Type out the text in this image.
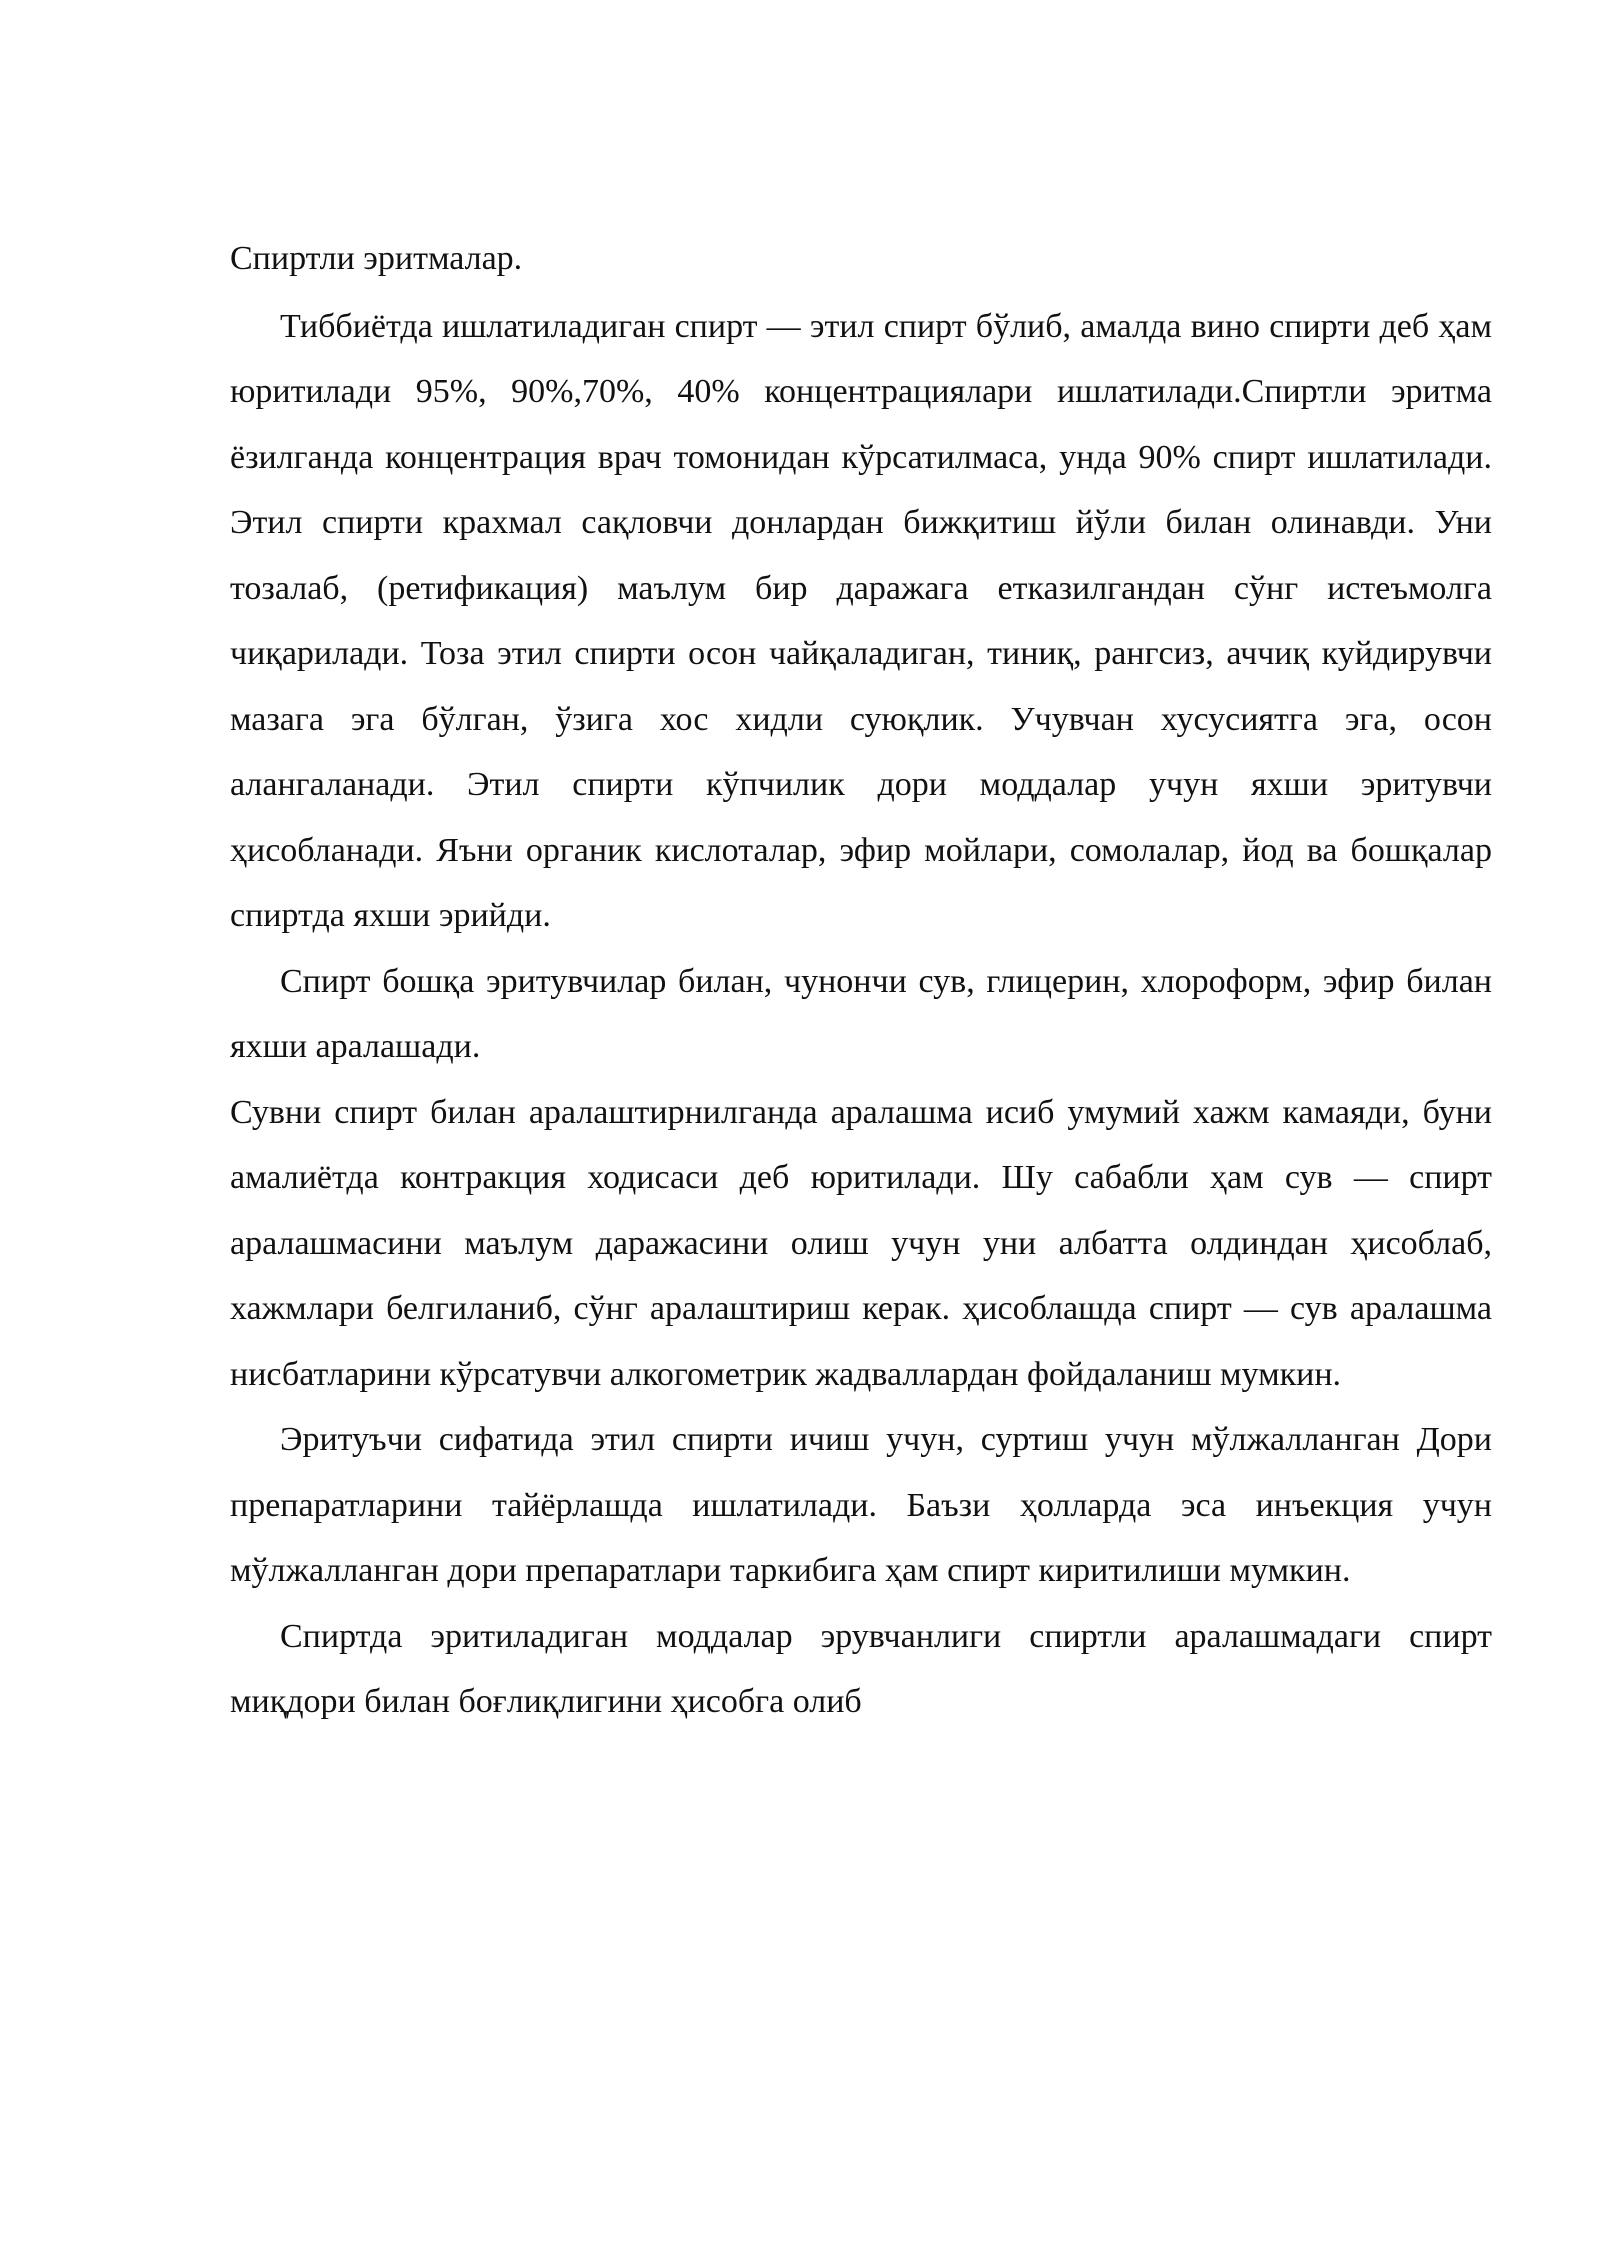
Спиртли эритмалар.

Тиббиётда ишлатиладиган спирт — этил спирт бўлиб, амалда вино спирти деб ҳам юритилади 95%, 90%,70%, 40% концентрациялари ишлатилади.Спиртли эритма ёзилганда концентрация врач томонидан кўрсатилмаса, унда 90% спирт ишлатилади. Этил спирти крахмал сақловчи донлардан бижқитиш йўли билан олинавди. Уни тозалаб, (ретификация) маълум бир даражага етказилгандан сўнг истеъмолга чиқарилади. Тоза этил спирти осон чайқаладиган, тиниқ, рангсиз, аччиқ куйдирувчи мазага эга бўлган, ўзига хос хидли суюқлик. Учувчан хусусиятга эга, осон алангаланади. Этил спирти кўпчилик дори моддалар учун яхши эритувчи ҳисобланади. Яъни органик кислоталар, эфир мойлари, сомолалар, йод ва бошқалар спиртда яхши эрийди.

Спирт бошқа эритувчилар билан, чунончи сув, глицерин, хлороформ, эфир билан яхши аралашади.

Сувни спирт билан аралаштирнилганда аралашма исиб умумий хажм камаяди, буни амалиётда контракция ходисаси деб юритилади. Шу сабабли ҳам сув — спирт аралашмасини маълум даражасини олиш учун уни албатта олдиндан ҳисоблаб, хажмлари белгиланиб, сўнг аралаштириш керак. ҳисоблашда спирт — сув аралашма нисбатларини кўрсатувчи алкогометрик жадваллардан фойдаланиш мумкин.

Эритуъчи сифатида этил спирти ичиш учун, суртиш учун мўлжалланган Дори препаратларини тайёрлашда ишлатилади. Баъзи ҳолларда эса инъекция учун мўлжалланган дори препаратлари таркибига ҳам спирт киритилиши мумкин.

Спиртда эритиладиган моддалар эрувчанлиги спиртли аралашмадаги спирт миқдори билан боғлиқлигини ҳисобга олиб
